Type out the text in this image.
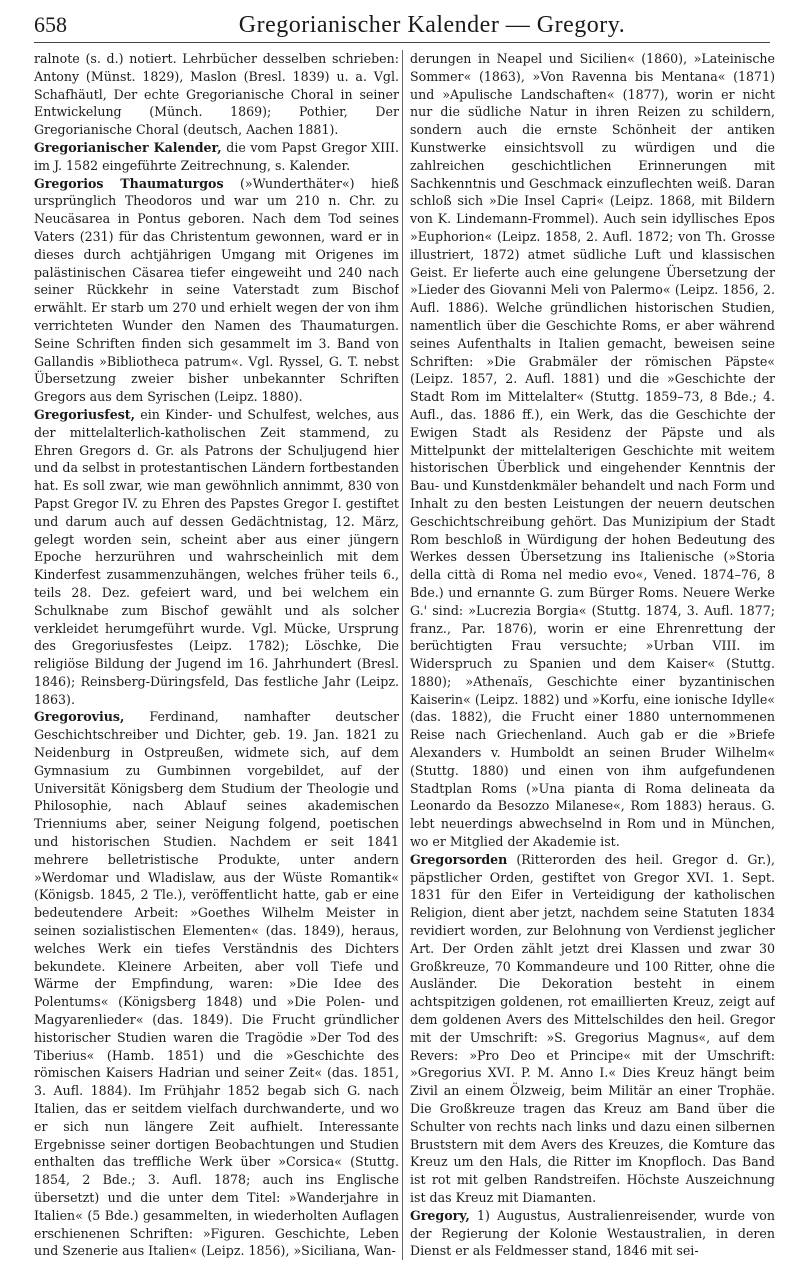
658	Gregorianischer Kalender — Gregory.

ralnote (s. d.) notiert. Lehrbücher desselben schrieben: Antony (Münst. 1829), Maslon (Bresl. 1839) u. a. Vgl. Schafhäutl, Der echte Gregorianische Choral in seiner Entwickelung (Münch. 1869); Pothier, Der Gregorianische Choral (deutsch, Aachen 1881).

Gregorianischer Kalender, die vom Papst Gregor XIII. im J. 1582 eingeführte Zeitrechnung, s. Kalender.

Gregorios Thaumaturgos (»Wunderthäter«) hieß ursprünglich Theodoros und war um 210 n. Chr. zu Neucäsarea in Pontus geboren. Nach dem Tod seines Vaters (231) für das Christentum gewonnen, ward er in dieses durch achtjährigen Umgang mit Origenes im palästinischen Cäsarea tiefer eingeweiht und 240 nach seiner Rückkehr in seine Vaterstadt zum Bischof erwählt. Er starb um 270 und erhielt wegen der von ihm verrichteten Wunder den Namen des Thaumaturgen. Seine Schriften finden sich gesammelt im 3. Band von Gallandis »Bibliotheca patrum«. Vgl. Ryssel, G. T. nebst Übersetzung zweier bisher unbekannter Schriften Gregors aus dem Syrischen (Leipz. 1880).

Gregoriusfest, ein Kinder- und Schulfest, welches, aus der mittelalterlich-katholischen Zeit stammend, zu Ehren Gregors d. Gr. als Patrons der Schuljugend hier und da selbst in protestantischen Ländern fortbestanden hat. Es soll zwar, wie man gewöhnlich annimmt, 830 von Papst Gregor IV. zu Ehren des Papstes Gregor I. gestiftet und darum auch auf dessen Gedächtnistag, 12. März, gelegt worden sein, scheint aber aus einer jüngern Epoche herzurühren und wahrscheinlich mit dem Kinderfest zusammenzuhängen, welches früher teils 6., teils 28. Dez. gefeiert ward, und bei welchem ein Schulknabe zum Bischof gewählt und als solcher verkleidet herumgeführt wurde. Vgl. Mücke, Ursprung des Gregoriusfestes (Leipz. 1782); Löschke, Die religiöse Bildung der Jugend im 16. Jahrhundert (Bresl. 1846); Reinsberg-Düringsfeld, Das festliche Jahr (Leipz. 1863).

Gregorovius, Ferdinand, namhafter deutscher Geschichtschreiber und Dichter, geb. 19. Jan. 1821 zu Neidenburg in Ostpreußen, widmete sich, auf dem Gymnasium zu Gumbinnen vorgebildet, auf der Universität Königsberg dem Studium der Theologie und Philosophie, nach Ablauf seines akademischen Trienniums aber, seiner Neigung folgend, poetischen und historischen Studien. Nachdem er seit 1841 mehrere belletristische Produkte, unter andern »Werdomar und Wladislaw, aus der Wüste Romantik« (Königsb. 1845, 2 Tle.), veröffentlicht hatte, gab er eine bedeutendere Arbeit: »Goethes Wilhelm Meister in seinen sozialistischen Elementen« (das. 1849), heraus, welches Werk ein tiefes Verständnis des Dichters bekundete. Kleinere Arbeiten, aber voll Tiefe und Wärme der Empfindung, waren: »Die Idee des Polentums« (Königsberg 1848) und »Die Polen- und Magyarenlieder« (das. 1849). Die Frucht gründlicher historischer Studien waren die Tragödie »Der Tod des Tiberius« (Hamb. 1851) und die »Geschichte des römischen Kaisers Hadrian und seiner Zeit« (das. 1851, 3. Aufl. 1884). Im Frühjahr 1852 begab sich G. nach Italien, das er seitdem vielfach durchwanderte, und wo er sich nun längere Zeit aufhielt. Interessante Ergebnisse seiner dortigen Beobachtungen und Studien enthalten das treffliche Werk über »Corsica« (Stuttg. 1854, 2 Bde.; 3. Aufl. 1878; auch ins Englische übersetzt) und die unter dem Titel: »Wanderjahre in Italien« (5 Bde.) gesammelten, in wiederholten Auflagen erschienenen Schriften: »Figuren. Geschichte, Leben und Szenerie aus Italien« (Leipz. 1856), »Siciliana, Wan-

derungen in Neapel und Sicilien« (1860), »Lateinische Sommer« (1863), »Von Ravenna bis Mentana« (1871) und »Apulische Landschaften« (1877), worin er nicht nur die südliche Natur in ihren Reizen zu schildern, sondern auch die ernste Schönheit der antiken Kunstwerke einsichtsvoll zu würdigen und die zahlreichen geschichtlichen Erinnerungen mit Sachkenntnis und Geschmack einzuflechten weiß. Daran schloß sich »Die Insel Capri« (Leipz. 1868, mit Bildern von K. Lindemann-Frommel). Auch sein idyllisches Epos »Euphorion« (Leipz. 1858, 2. Aufl. 1872; von Th. Grosse illustriert, 1872) atmet südliche Luft und klassischen Geist. Er lieferte auch eine gelungene Übersetzung der »Lieder des Giovanni Meli von Palermo« (Leipz. 1856, 2. Aufl. 1886). Welche gründlichen historischen Studien, namentlich über die Geschichte Roms, er aber während seines Aufenthalts in Italien gemacht, beweisen seine Schriften: »Die Grabmäler der römischen Päpste« (Leipz. 1857, 2. Aufl. 1881) und die »Geschichte der Stadt Rom im Mittelalter« (Stuttg. 1859–73, 8 Bde.; 4. Aufl., das. 1886 ff.), ein Werk, das die Geschichte der Ewigen Stadt als Residenz der Päpste und als Mittelpunkt der mittelalterigen Geschichte mit weitem historischen Überblick und eingehender Kenntnis der Bau- und Kunstdenkmäler behandelt und nach Form und Inhalt zu den besten Leistungen der neuern deutschen Geschichtschreibung gehört. Das Munizipium der Stadt Rom beschloß in Würdigung der hohen Bedeutung des Werkes dessen Übersetzung ins Italienische (»Storia della città di Roma nel medio evo«, Vened. 1874–76, 8 Bde.) und ernannte G. zum Bürger Roms. Neuere Werke G.' sind: »Lucrezia Borgia« (Stuttg. 1874, 3. Aufl. 1877; franz., Par. 1876), worin er eine Ehrenrettung der berüchtigten Frau versuchte; »Urban VIII. im Widerspruch zu Spanien und dem Kaiser« (Stuttg. 1880); »Athenaïs, Geschichte einer byzantinischen Kaiserin« (Leipz. 1882) und »Korfu, eine ionische Idylle« (das. 1882), die Frucht einer 1880 unternommenen Reise nach Griechenland. Auch gab er die »Briefe Alexanders v. Humboldt an seinen Bruder Wilhelm« (Stuttg. 1880) und einen von ihm aufgefundenen Stadtplan Roms (»Una pianta di Roma delineata da Leonardo da Besozzo Milanese«, Rom 1883) heraus. G. lebt neuerdings abwechselnd in Rom und in München, wo er Mitglied der Akademie ist.

Gregorsorden (Ritterorden des heil. Gregor d. Gr.), päpstlicher Orden, gestiftet von Gregor XVI. 1. Sept. 1831 für den Eifer in Verteidigung der katholischen Religion, dient aber jetzt, nachdem seine Statuten 1834 revidiert worden, zur Belohnung von Verdienst jeglicher Art. Der Orden zählt jetzt drei Klassen und zwar 30 Großkreuze, 70 Kommandeure und 100 Ritter, ohne die Ausländer. Die Dekoration besteht in einem achtspitzigen goldenen, rot emaillierten Kreuz, zeigt auf dem goldenen Avers des Mittelschildes den heil. Gregor mit der Umschrift: »S. Gregorius Magnus«, auf dem Revers: »Pro Deo et Principe« mit der Umschrift: »Gregorius XVI. P. M. Anno I.« Dies Kreuz hängt beim Zivil an einem Ölzweig, beim Militär an einer Trophäe. Die Großkreuze tragen das Kreuz am Band über die Schulter von rechts nach links und dazu einen silbernen Bruststern mit dem Avers des Kreuzes, die Komture das Kreuz um den Hals, die Ritter im Knopfloch. Das Band ist rot mit gelben Randstreifen. Höchste Auszeichnung ist das Kreuz mit Diamanten.

Gregory, 1) Augustus, Australienreisender, wurde von der Regierung der Kolonie Westaustralien, in deren Dienst er als Feldmesser stand, 1846 mit sei-
